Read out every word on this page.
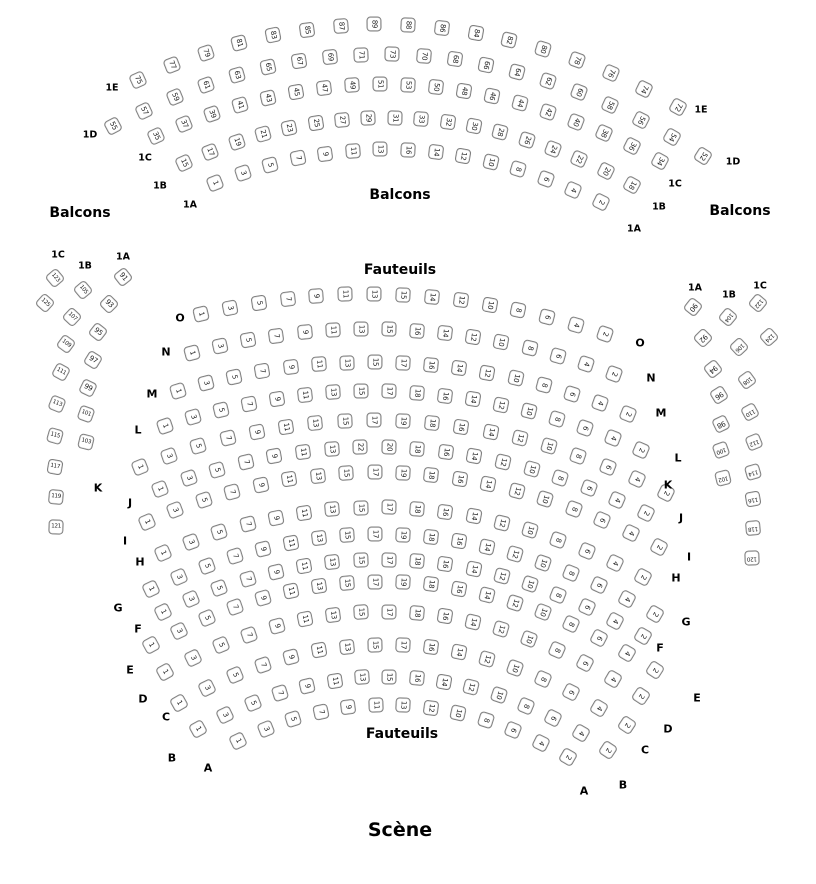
Balcons
Balcons
Balcons
Fauteuils
Fauteuils
Scène
1
3
5
7
9	11	13	15	14	12	10
8
6
4
2
O
O
1
3
5
7
9	11	13	15	16	14	12
10
8
6
4
2
N
N
1
3
5
7
9	11	13	15	17	16	14	12
10
8
6
4
2
M
M
1
3
5
7
9	11	13	15	17	18	16	14
12
10
8
6
4
2
L
L
1
3
5
7
9
11	13	15	17	19	18	16
14
12
10
8
6
4
2
K	K
1
3
5
7
9	11	13	22	20	18	16	14
12
10
8
6
4
2
J
J
1
3
5
7
9
11	13	15	17	19	18	16
14
12
10
8
6
4
2
I
I
1
3
5
7
9
11	13	15	17	18	16	14
12
10
8
6
4
2
H
H
1
3
5
7
9
11	13	15	17	19	18	16
14
12
10
8
6
4
2
G
G
1
3
5
7
9
11	13	15	17	18	16
14
12
10
8
6
4
2
F
F
1
3
5
7
9
11
13	15	17	19	18	16
14
12
10
8
6
4
2
E
E
1
3
5
7
9
11	13	15	17	18	16
14
12
10
8
6
4
2
D
D
1
3
5
7
9
11	13	15	17	16	14
12
10
8
6
4
2
C
C
1
3
5
7
9
11	13	15	16	14
12
10
8
6
4
2
B
B
1
3
5
7
9	11	13	12
10
8
6
4
2
A
A
75
77
79
81
83
85	87	89	88	86
84
82
80
78
76
74
72
1E
1E
55
57
59
61
63
65
67	69	71	73	70	68
66
64
62
60
58
56
54
52
1D
1D
35
37
39
41
43
45	47	49	51	53	50	48
46
44
42
40
38
36
34
1C
1C
15
17
19
21
23	25	27	29	31	33	32	30
28
26
24
22
20
18
1B
1B
1
3
5
7
9	11	13	16	14	12
10
8
6
4
2
1A
1A
91
93
95
97
99
101
103
1A
105
107
109
111
113
115
117
119
121
1B
123
125
1C
90
92
94
96
98
100
102
1A
104
106
108
110
112
114
116
118
120
1B
122
124
1C
